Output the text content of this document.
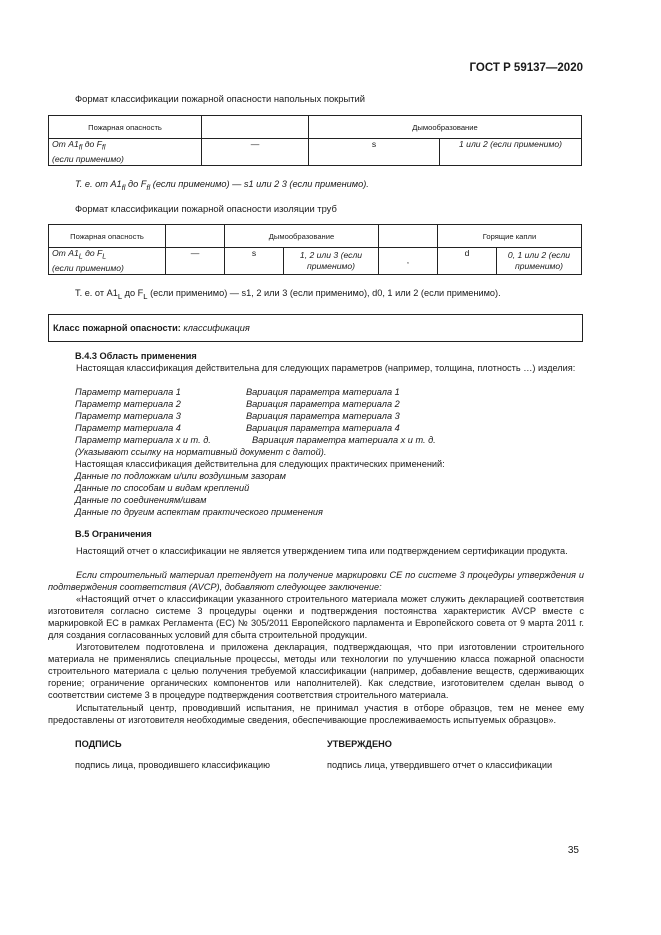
ГОСТ Р 59137—2020
Формат классификации пожарной опасности напольных покрытий
Пожарная опасность		Дымообразование	
От $A1_{fl}$ до $F_{fl}$
(если применимо)	—	s	1 или 2 (если применимо)
Т. е. от $A1_{fl}$ до $F_{fl}$ (если применимо) — s1 или 2 3 (если применимо).
Формат классификации пожарной опасности изоляции труб
Пожарная опасность		Дымообразование			Горящие капли	
От $A1_L$ до $F_L$
(если применимо)	—	s	1, 2 или 3 (если применимо)	,	d	0, 1 или 2 (если применимо)
Т. е. от $A1_L$ до $F_L$ (если применимо) — s1, 2 или 3 (если применимо), d0, 1 или 2 (если применимо).
Класс пожарной опасности: классификация
В.4.3 Область применения
Настоящая классификация действительна для следующих параметров (например, толщина, плотность …) изделия:
Параметр материала 1	Вариация параметра материала 1
Параметр материала 2	Вариация параметра материала 2
Параметр материала 3	Вариация параметра материала 3
Параметр материала 4	Вариация параметра материала 4
Параметр материала x и т. д.	Вариация параметра материала x и т. д.
(Указывают ссылку на нормативный документ с датой).
Настоящая классификация действительна для следующих практических применений:
Данные по подложкам и/или воздушным зазорам
Данные по способам и видам креплений
Данные по соединениям/швам
Данные по другим аспектам практического применения
В.5 Ограничения
Настоящий отчет о классификации не является утверждением типа или подтверждением сертификации продукта.
Если строительный материал претендует на получение маркировки СЕ по системе 3 процедуры утверждения и подтверждения соответствия (AVCP), добавляют следующее заключение:
«Настоящий отчет о классификации указанного строительного материала может служить декларацией соответствия изготовителя согласно системе 3 процедуры оценки и подтверждения постоянства характеристик AVCP вместе с маркировкой ЕС в рамках Регламента (ЕС) № 305/2011 Европейского парламента и Европейского совета от 9 марта 2011 г. для создания согласованных условий для сбыта строительной продукции.
Изготовителем подготовлена и приложена декларация, подтверждающая, что при изготовлении строительного материала не применялись специальные процессы, методы или технологии по улучшению класса пожарной опасности строительного материала с целью получения требуемой классификации (например, добавление веществ, сдерживающих горение; ограничение органических компонентов или наполнителей). Как следствие, изготовителем сделан вывод о соответствии системе 3 в процедуре подтверждения соответствия строительного материала.
Испытательный центр, проводивший испытания, не принимал участия в отборе образцов, тем не менее ему предоставлены от изготовителя необходимые сведения, обеспечивающие прослеживаемость испытуемых образцов».
ПОДПИСЬ
подпись лица, проводившего классификацию
УТВЕРЖДЕНО
подпись лица, утвердившего отчет о классификации
35
